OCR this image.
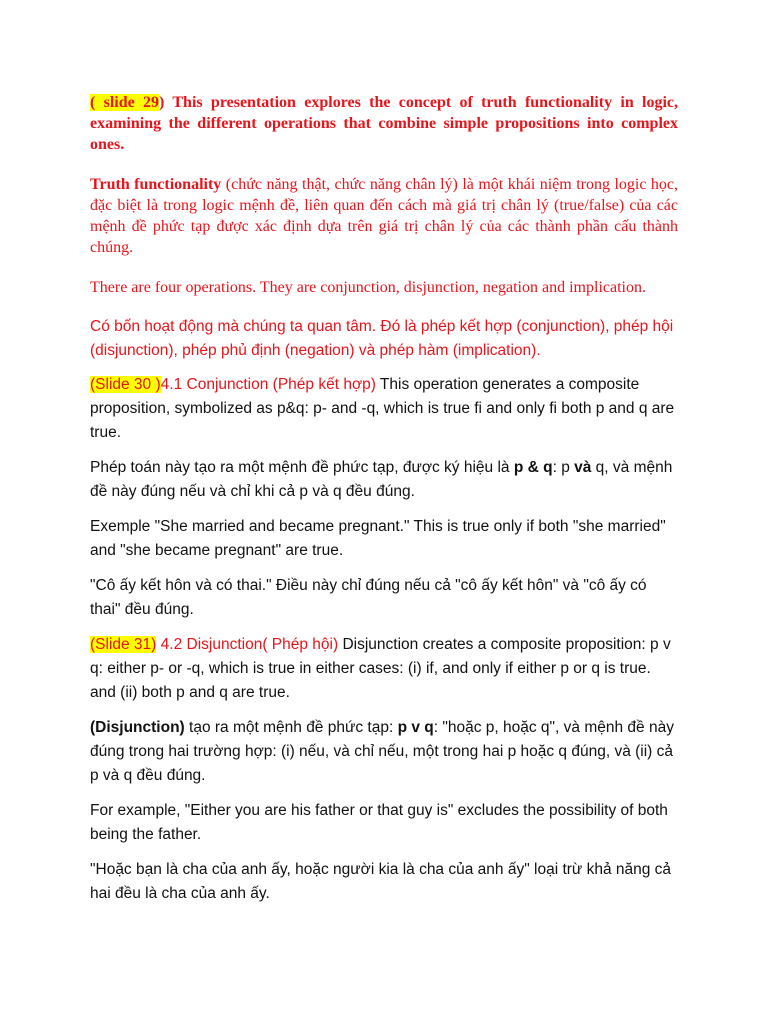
( slide 29) This presentation explores the concept of truth functionality in logic, examining the different operations that combine simple propositions into complex ones.

Truth functionality (chức năng thật, chức năng chân lý) là một khái niệm trong logic học, đặc biệt là trong logic mệnh đề, liên quan đến cách mà giá trị chân lý (true/false) của các mệnh đề phức tạp được xác định dựa trên giá trị chân lý của các thành phần cấu thành chúng.

There are four operations. They are conjunction, disjunction, negation and implication.

Có bốn hoạt động mà chúng ta quan tâm. Đó là phép kết hợp (conjunction), phép hội (disjunction), phép phủ định (negation) và phép hàm (implication).

(Slide 30 )4.1 Conjunction (Phép kết hợp) This operation generates a composite proposition, symbolized as p&q: p- and -q, which is true fi and only fi both p and q are true.

Phép toán này tạo ra một mệnh đề phức tạp, được ký hiệu là p & q: p và q, và mệnh đề này đúng nếu và chỉ khi cả p và q đều đúng.

Exemple "She married and became pregnant." This is true only if both "she married" and "she became pregnant" are true.

"Cô ấy kết hôn và có thai." Điều này chỉ đúng nếu cả "cô ấy kết hôn" và "cô ấy có thai" đều đúng.

(Slide 31) 4.2 Disjunction( Phép hội) Disjunction creates a composite proposition: p v q: either p- or -q, which is true in either cases: (i) if, and only if either p or q is true. and (ii) both p and q are true.

(Disjunction) tạo ra một mệnh đề phức tạp: p v q: "hoặc p, hoặc q", và mệnh đề này đúng trong hai trường hợp: (i) nếu, và chỉ nếu, một trong hai p hoặc q đúng, và (ii) cả p và q đều đúng.

For example, "Either you are his father or that guy is" excludes the possibility of both being the father.

"Hoặc bạn là cha của anh ấy, hoặc người kia là cha của anh ấy" loại trừ khả năng cả hai đều là cha của anh ấy.
